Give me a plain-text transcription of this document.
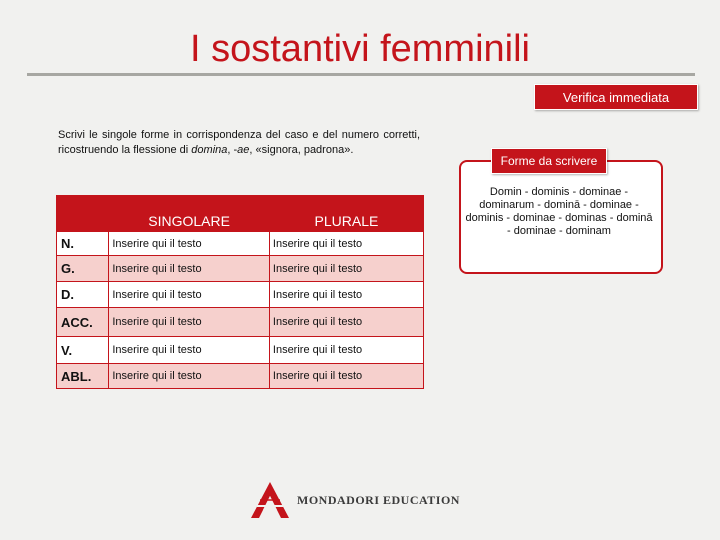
I sostantivi femminili
Verifica immediata
Scrivi le singole forme in corrispondenza del caso e del numero corretti, ricostruendo la flessione di domina, -ae, «signora, padrona».
	SINGOLARE	PLURALE
N.	Inserire qui il testo	Inserire qui il testo
G.	Inserire qui il testo	Inserire qui il testo
D.	Inserire qui il testo	Inserire qui il testo
ACC.	Inserire qui il testo	Inserire qui il testo
V.	Inserire qui il testo	Inserire qui il testo
ABL.	Inserire qui il testo	Inserire qui il testo
Forme da scrivere
Domin - dominis - dominae - dominarum - dominā - dominae - dominis - dominae - dominas - dominā - dominae - dominam
MONDADORI EDUCATION
